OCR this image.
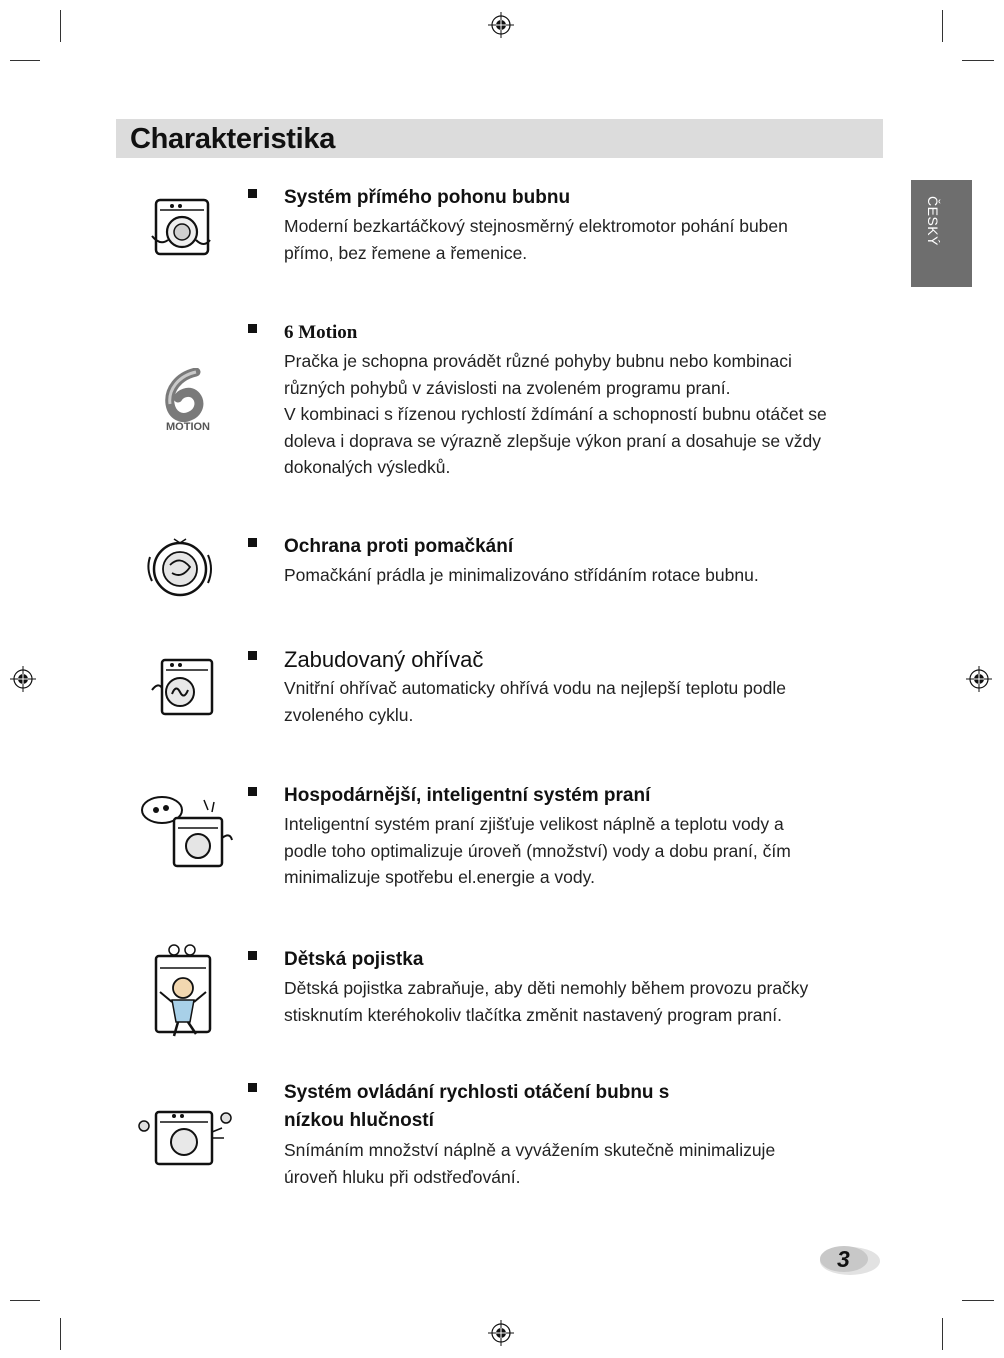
Charakteristika
ČESKÝ

Systém přímého pohonu bubnu

Moderní bezkartáčkový stejnosměrný elektromotor pohání buben
přímo, bez řemene a řemenice.

MOTION

6 Motion

Pračka je schopna provádět různé pohyby bubnu nebo kombinaci
různých pohybů v závislosti na zvoleném programu praní.
V kombinaci s řízenou rychlostí ždímání a schopností bubnu otáčet se
doleva i doprava se výrazně zlepšuje výkon praní a dosahuje se vždy
dokonalých výsledků.

Ochrana proti pomačkání

Pomačkání prádla je minimalizováno střídáním rotace bubnu.

Zabudovaný ohřívač

Vnitřní ohřívač automaticky ohřívá vodu na nejlepší teplotu podle
zvoleného cyklu.

Hospodárnější, inteligentní systém praní

Inteligentní systém praní zjišťuje velikost náplně a teplotu vody a
podle toho optimalizuje úroveň (množství) vody a dobu praní, čím
minimalizuje spotřebu el.energie a vody.

Dětská pojistka

Dětská pojistka zabraňuje, aby děti nemohly během provozu pračky
stisknutím kteréhokoliv tlačítka změnit nastavený program praní.

Systém ovládání rychlosti otáčení bubnu s
nízkou hlučností

Snímáním množství náplně a vyvážením skutečně minimalizuje
úroveň hluku při odstřeďování.

3
